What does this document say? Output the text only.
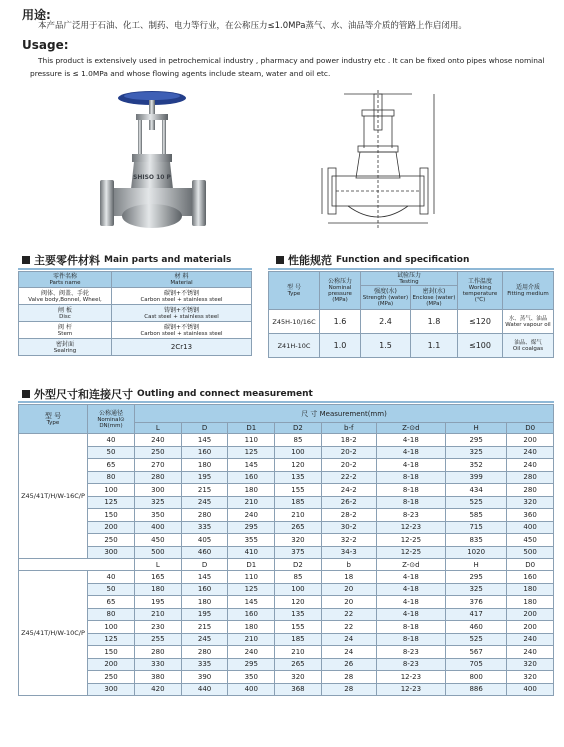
用途:
本产品广泛用于石油、化工、制药、电力等行业，在公称压力≤1.0MPa蒸气、水、油品等介质的管路上作启闭用。
Usage:
This product is extensively used in petrochemical industry , pharmacy and power industry etc . It can be fixed onto pipes whose nominal
pressure is ≤ 1.0MPa and whose flowing agents include steam, water and oil etc.
SHISO 10 P
主要零件材料 Main parts and materials
零件名称
Parts name	材 料
Material

阀体、阀盖、手轮
Valve body,Bonnel, Wheel,	碳钢+不锈钢
Carbon steel + stainless steel

闸 板
Disc	铸钢+不锈钢
Cast steel + stainless steel

阀 杆
Stem	碳钢+不锈钢
Carbon steel + stainless steel

密封面
Sealring	2Cr13
性能规范 Function and specification
型 号
Type	公称压力
Nominal pressure
(MPa)	试验压力
Testing		工作温度
Working temperature
(℃)	适用介质
Fitting medium

		强度(水)
Strength (water)
(MPa)	密封(水)
Enclose (water)
(MPa)		

Z45H-10/16C	1.6	2.4	1.8	≤120	水、蒸气、油品
Water vapour oil

Z41H-10C	1.0	1.5	1.1	≤100	油品、煤气
Oil coalgas
外型尺寸和连接尺寸 Outling and connect measurement
型 号
Type	公称通径
Nominal⊙
DN(mm)	尺 寸 Measurement(mm)							
		L	D	D1	D2	b-f	Z-⊙d	H	D0
Z45/41T/H/W-16C/P	40	240	145	110	85	18-2	4-18	295	200
	50	250	160	125	100	20-2	4-18	325	240
	65	270	180	145	120	20-2	4-18	352	240
	80	280	195	160	135	22-2	8-18	399	280
	100	300	215	180	155	24-2	8-18	434	280
	125	325	245	210	185	26-2	8-18	525	320
	150	350	280	240	210	28-2	8-23	585	360
	200	400	335	295	265	30-2	12-23	715	400
	250	450	405	355	320	32-2	12-25	835	450
	300	500	460	410	375	34-3	12-25	1020	500
		L	D	D1	D2	b	Z-⊙d	H	D0
Z45/41T/H/W-10C/P	40	165	145	110	85	18	4-18	295	160
	50	180	160	125	100	20	4-18	325	180
	65	195	180	145	120	20	4-18	376	180
	80	210	195	160	135	22	4-18	417	200
	100	230	215	180	155	22	8-18	460	200
	125	255	245	210	185	24	8-18	525	240
	150	280	280	240	210	24	8-23	567	240
	200	330	335	295	265	26	8-23	705	320
	250	380	390	350	320	28	12-23	800	320
	300	420	440	400	368	28	12-23	886	400
